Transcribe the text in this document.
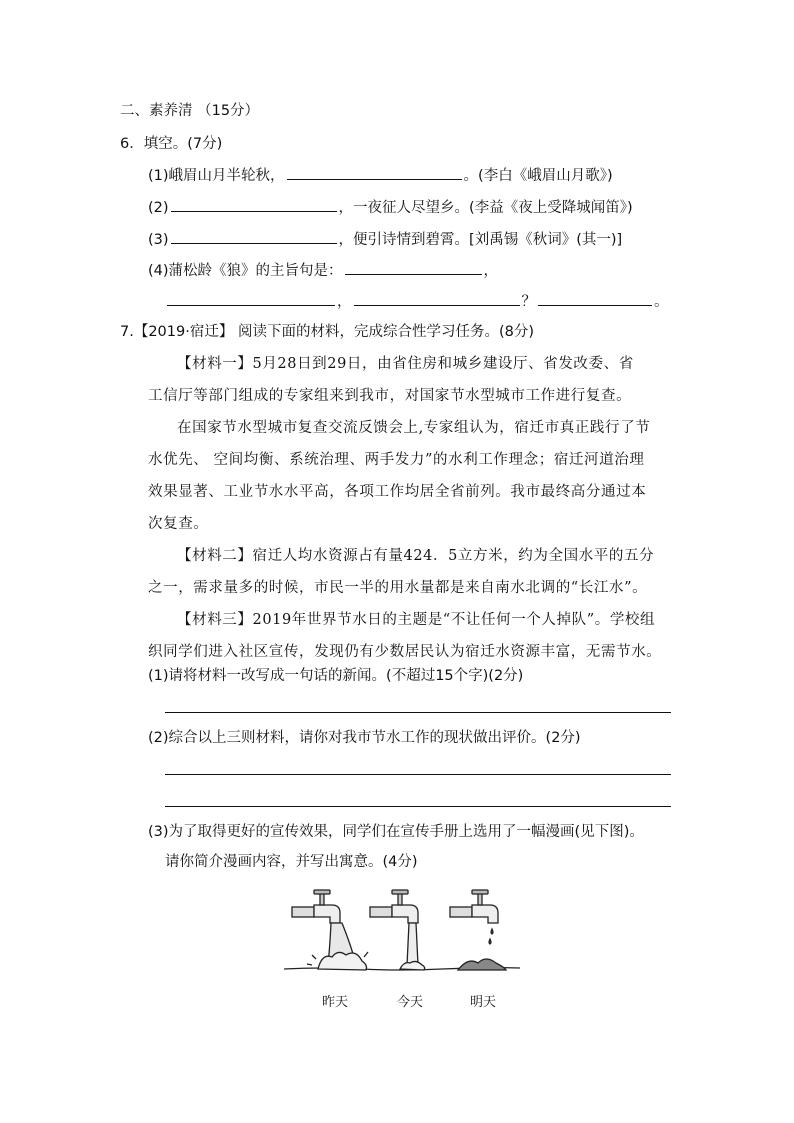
二、素养清 （15分）
6．填空。(7分)
(1)峨眉山月半轮秋，	。(李白《峨眉山月歌》)
(2)	，一夜征人尽望乡。(李益《夜上受降城闻笛》)
(3)	，便引诗情到碧霄。[刘禹锡《秋词》(其一)]
(4)蒲松龄《狼》的主旨句是：	，
，	？	。
7.【2019·宿迁】 阅读下面的材料，完成综合性学习任务。(8分)
【材料一】5月28日到29日，由省住房和城乡建设厅、省发改委、省
工信厅等部门组成的专家组来到我市，对国家节水型城市工作进行复查。
在国家节水型城市复查交流反馈会上,专家组认为，宿迁市真正践行了节
水优先、 空间均衡、系统治理、两手发力”的水利工作理念；宿迁河道治理
效果显著、工业节水水平高，各项工作均居全省前列。我市最终高分通过本
次复查。
【材料二】宿迁人均水资源占有量424．5立方米，约为全国水平的五分
之一，需求量多的时候，市民一半的用水量都是来自南水北调的“长江水”。
【材料三】2019年世界节水日的主题是“不让任何一个人掉队”。学校组
织同学们进入社区宣传，发现仍有少数居民认为宿迁水资源丰富，无需节水。
(1)请将材料一改写成一句话的新闻。(不超过15个字)(2分)
(2)综合以上三则材料，请你对我市节水工作的现状做出评价。(2分)
(3)为了取得更好的宣传效果，同学们在宣传手册上选用了一幅漫画(见下图)。
请你简介漫画内容，并写出寓意。(4分)
昨天	今天	明天
